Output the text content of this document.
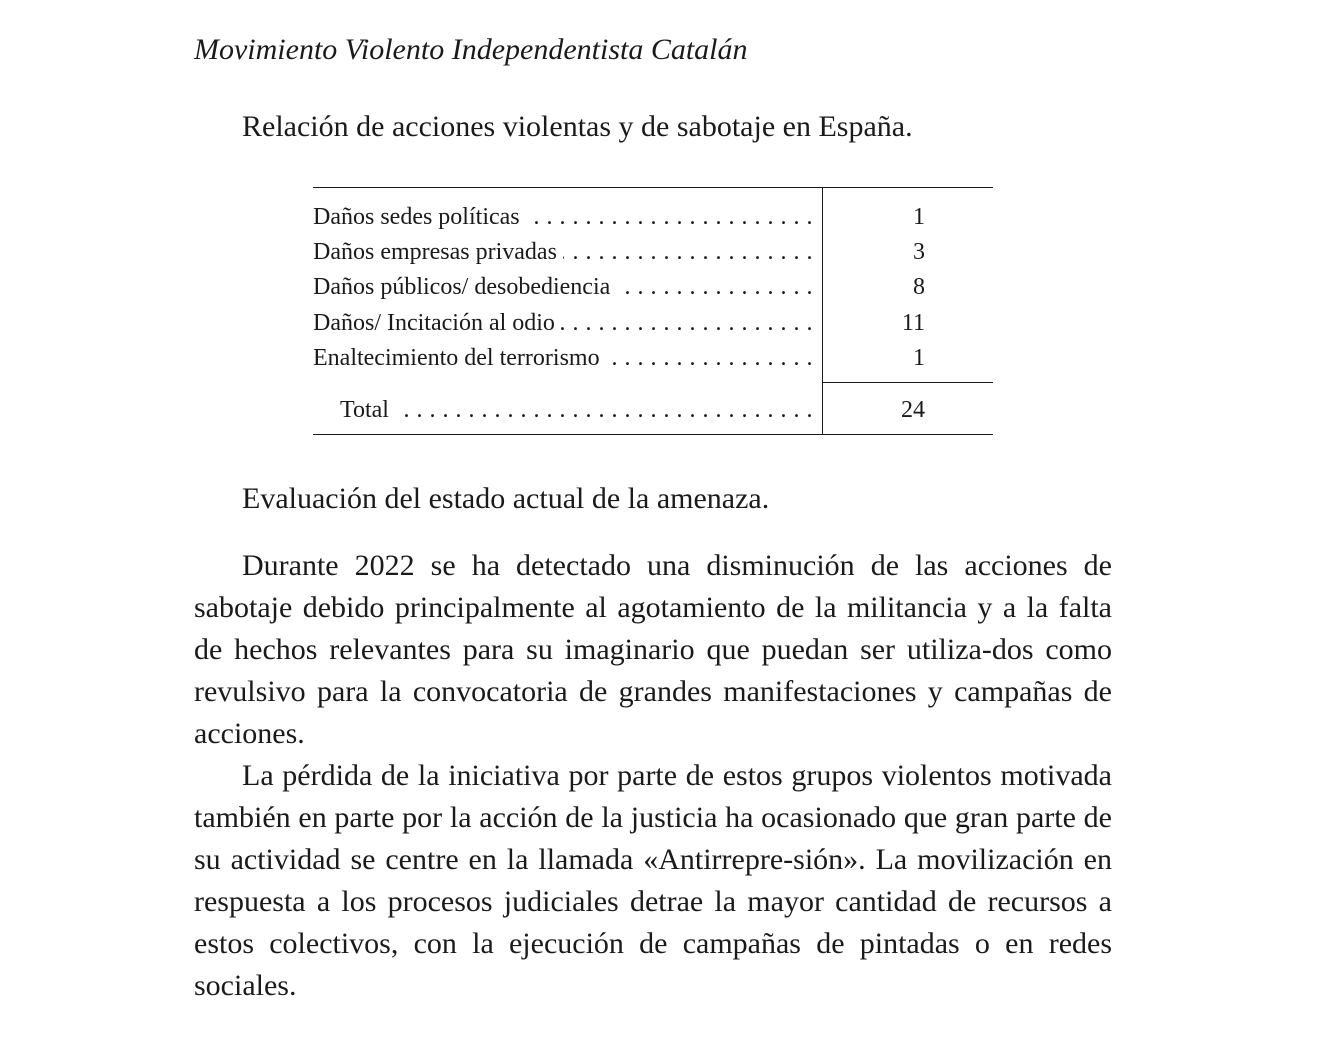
Movimiento Violento Independentista Catalán
Relación de acciones violentas y de sabotaje en España.
Daños sedes políticas . . .	1
Daños empresas privadas . . .	3
Daños públicos/ desobediencia . . .	8
Daños/ Incitación al odio . . .	11
Enaltecimiento del terrorismo . . .	1
Total . . .	24
Evaluación del estado actual de la amenaza.

Durante 2022 se ha detectado una disminución de las acciones de sabotaje debido principalmente al agotamiento de la militancia y a la falta de hechos relevantes para su imaginario que puedan ser utiliza-dos como revulsivo para la convocatoria de grandes manifestaciones y campañas de acciones.

La pérdida de la iniciativa por parte de estos grupos violentos motivada también en parte por la acción de la justicia ha ocasionado que gran parte de su actividad se centre en la llamada «Antirrepre-sión». La movilización en respuesta a los procesos judiciales detrae la mayor cantidad de recursos a estos colectivos, con la ejecución de campañas de pintadas o en redes sociales.
